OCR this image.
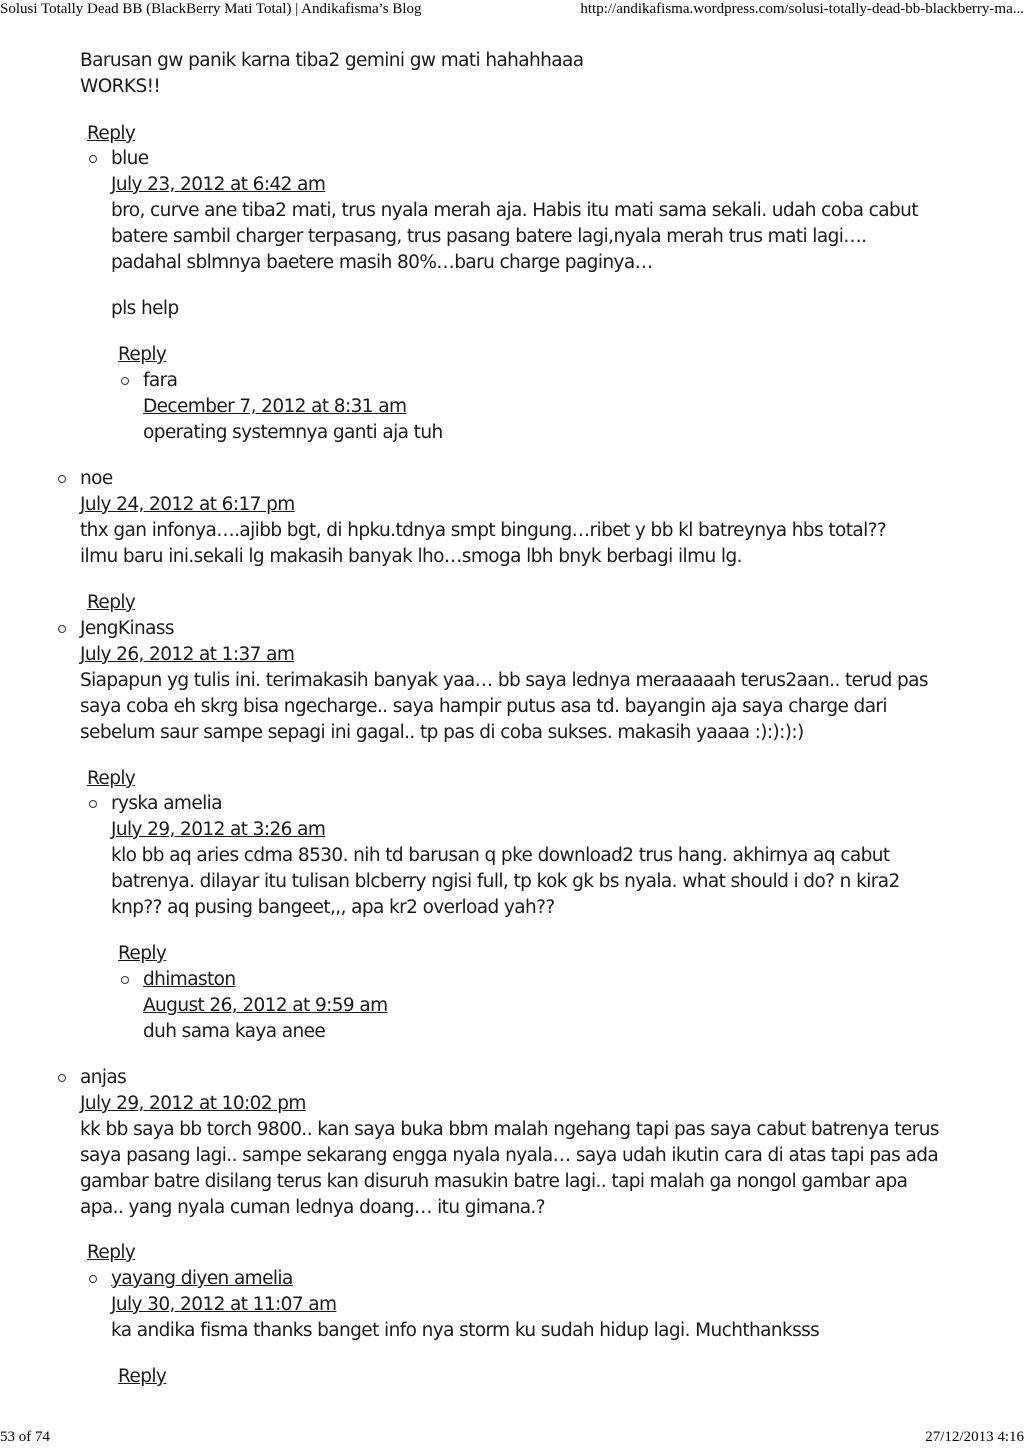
Solusi Totally Dead BB (BlackBerry Mati Total) | Andikafisma’s Blog	http://andikafisma.wordpress.com/solusi-totally-dead-bb-blackberry-ma...
Barusan gw panik karna tiba2 gemini gw mati hahahhaaa
WORKS!!
Reply
blue
July 23, 2012 at 6:42 am
bro, curve ane tiba2 mati, trus nyala merah aja. Habis itu mati sama sekali. udah coba cabut
batere sambil charger terpasang, trus pasang batere lagi,nyala merah trus mati lagi….
padahal sblmnya baetere masih 80%…baru charge paginya…
pls help
Reply
fara
December 7, 2012 at 8:31 am
operating systemnya ganti aja tuh
noe
July 24, 2012 at 6:17 pm
thx gan infonya….ajibb bgt, di hpku.tdnya smpt bingung…ribet y bb kl batreynya hbs total??
ilmu baru ini.sekali lg makasih banyak lho…smoga lbh bnyk berbagi ilmu lg.
Reply
JengKinass
July 26, 2012 at 1:37 am
Siapapun yg tulis ini. terimakasih banyak yaa… bb saya lednya meraaaaah terus2aan.. terud pas
saya coba eh skrg bisa ngecharge.. saya hampir putus asa td. bayangin aja saya charge dari
sebelum saur sampe sepagi ini gagal.. tp pas di coba sukses. makasih yaaaa :):):):)
Reply
ryska amelia
July 29, 2012 at 3:26 am
klo bb aq aries cdma 8530. nih td barusan q pke download2 trus hang. akhirnya aq cabut
batrenya. dilayar itu tulisan blcberry ngisi full, tp kok gk bs nyala. what should i do? n kira2
knp?? aq pusing bangeet,,, apa kr2 overload yah??
Reply
dhimaston
August 26, 2012 at 9:59 am
duh sama kaya anee
anjas
July 29, 2012 at 10:02 pm
kk bb saya bb torch 9800.. kan saya buka bbm malah ngehang tapi pas saya cabut batrenya terus
saya pasang lagi.. sampe sekarang engga nyala nyala… saya udah ikutin cara di atas tapi pas ada
gambar batre disilang terus kan disuruh masukin batre lagi.. tapi malah ga nongol gambar apa
apa.. yang nyala cuman lednya doang… itu gimana.?
Reply
yayang diyen amelia
July 30, 2012 at 11:07 am
ka andika fisma thanks banget info nya storm ku sudah hidup lagi. Muchthanksss
Reply
53 of 74	27/12/2013 4:16
